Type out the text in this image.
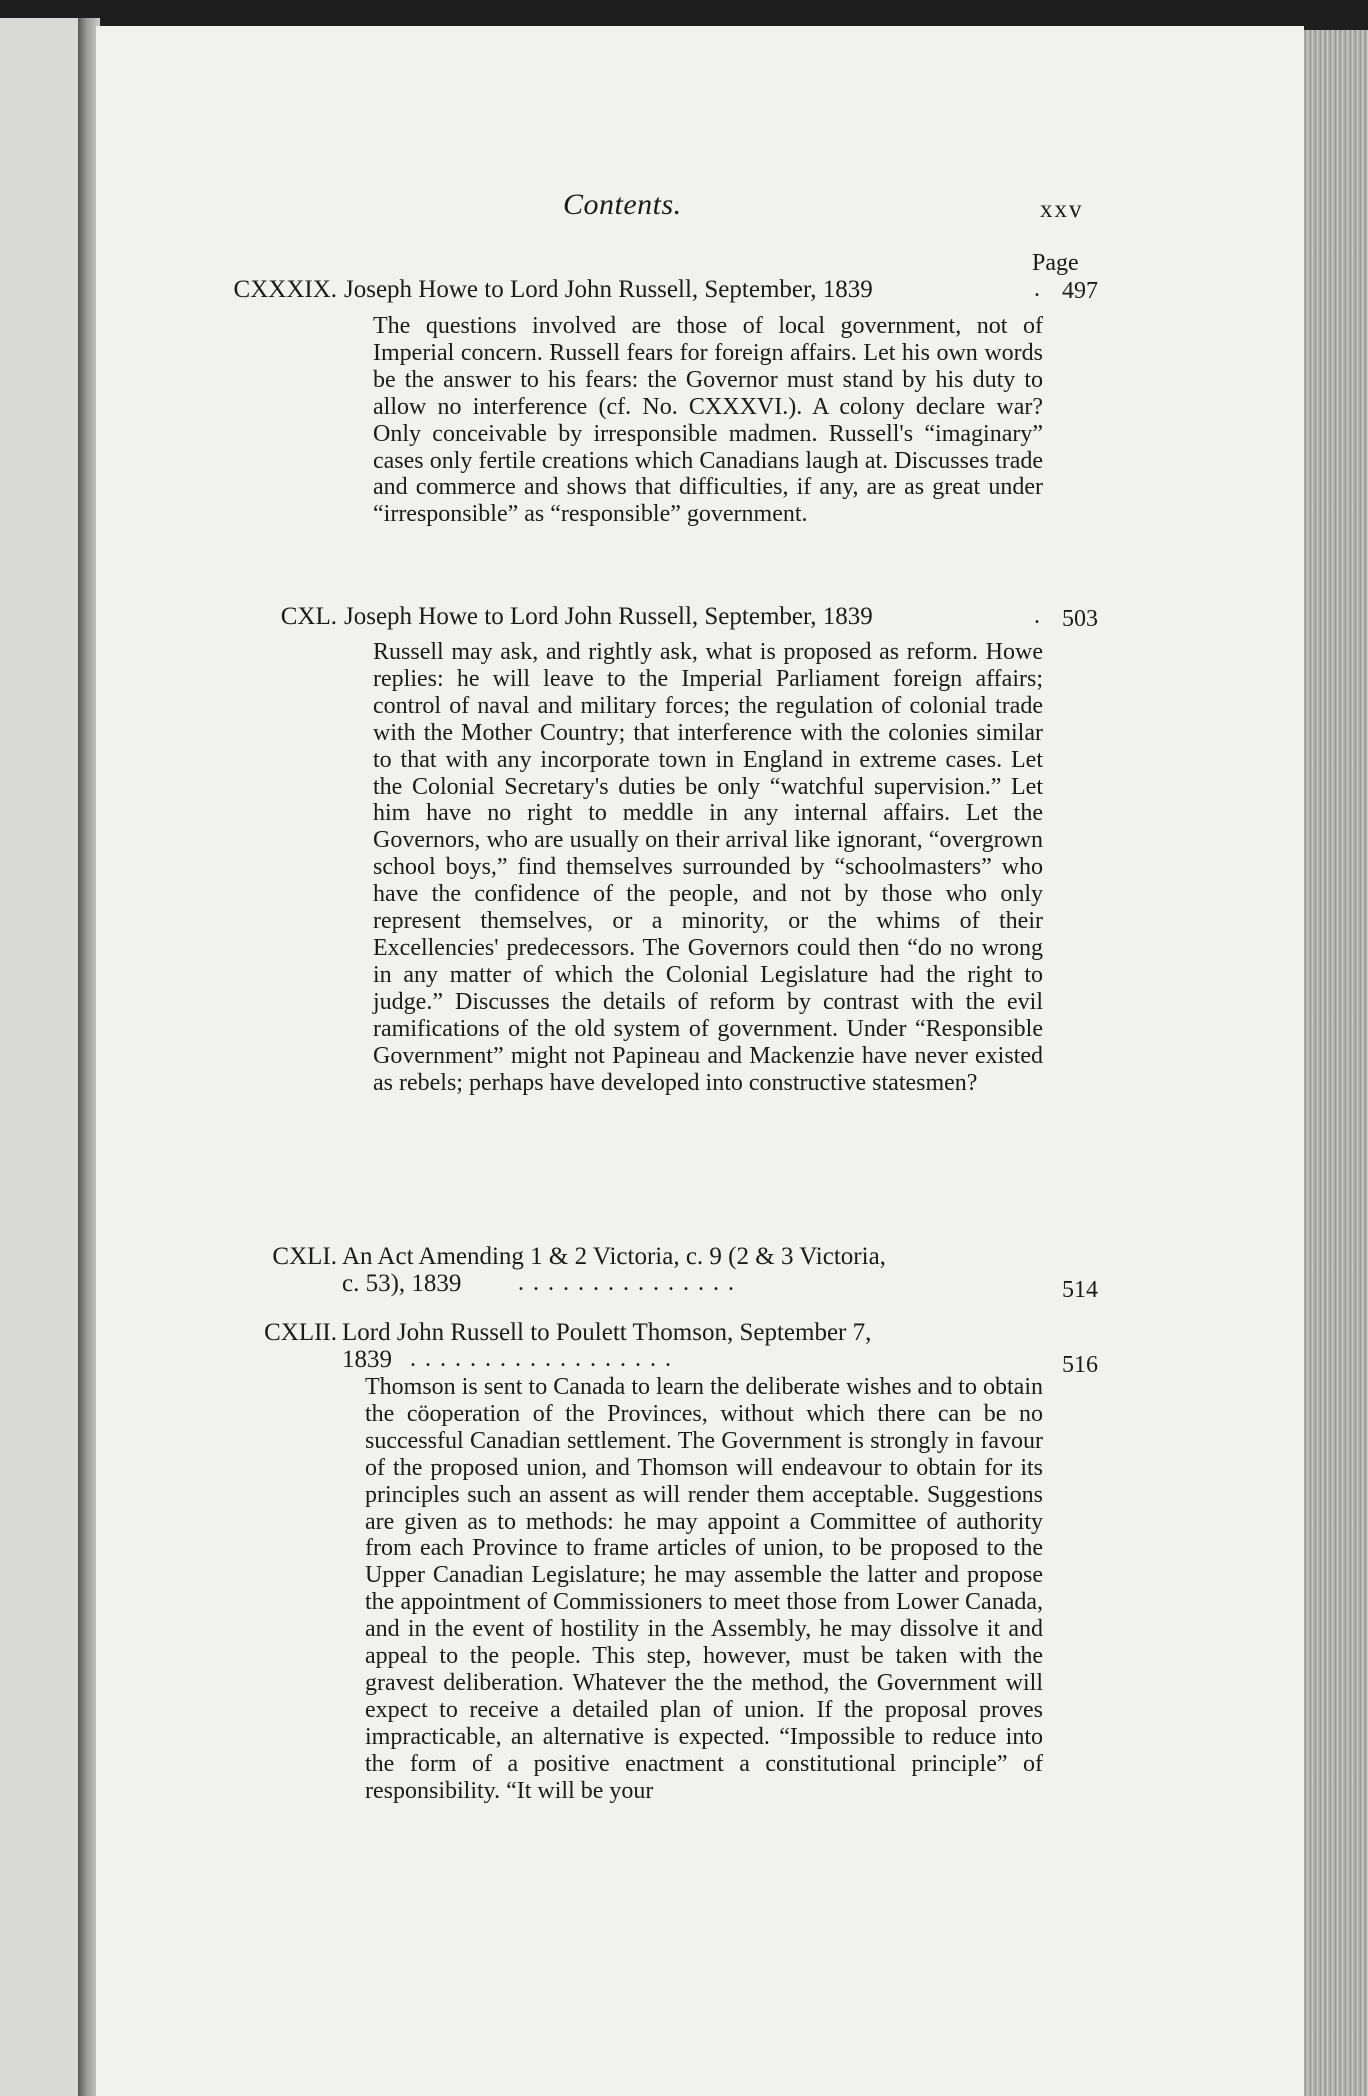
Contents.	xxv
Page
CXXXIX. Joseph Howe to Lord John Russell, September, 1839	. 497
The questions involved are those of local government, not of Imperial concern. Russell fears for foreign affairs. Let his own words be the answer to his fears: the Governor must stand by his duty to allow no interference (cf. No. CXXXVI.). A colony declare war? Only conceivable by irresponsible madmen. Russell's “imaginary” cases only fertile creations which Canadians laugh at. Discusses trade and commerce and shows that difficulties, if any, are as great under “irresponsible” as “responsible” government.
CXL. Joseph Howe to Lord John Russell, September, 1839	. 503
Russell may ask, and rightly ask, what is proposed as reform. Howe replies: he will leave to the Imperial Parliament foreign affairs; control of naval and military forces; the regulation of colonial trade with the Mother Country; that interference with the colonies similar to that with any incorporate town in England in extreme cases. Let the Colonial Secretary's duties be only “watchful supervision.” Let him have no right to meddle in any internal affairs. Let the Governors, who are usually on their arrival like ignorant, “overgrown school boys,” find themselves surrounded by “schoolmasters” who have the confidence of the people, and not by those who only represent themselves, or a minority, or the whims of their Excellencies' predecessors. The Governors could then “do no wrong in any matter of which the Colonial Legislature had the right to judge.” Discusses the details of reform by contrast with the evil ramifications of the old system of government. Under “Responsible Government” might not Papineau and Mackenzie have never existed as rebels; perhaps have developed into constructive statesmen?
CXLI. An Act Amending 1 & 2 Victoria, c. 9 (2 & 3 Victoria,
c. 53), 1839 ...............	514
CXLII. Lord John Russell to Poulett Thomson, September 7,
1839 ..................	516
Thomson is sent to Canada to learn the deliberate wishes and to obtain the cöoperation of the Provinces, without which there can be no successful Canadian settlement. The Government is strongly in favour of the proposed union, and Thomson will endeavour to obtain for its principles such an assent as will render them acceptable. Suggestions are given as to methods: he may appoint a Committee of authority from each Province to frame articles of union, to be proposed to the Upper Canadian Legislature; he may assemble the latter and propose the appointment of Commissioners to meet those from Lower Canada, and in the event of hostility in the Assembly, he may dissolve it and appeal to the people. This step, however, must be taken with the gravest deliberation. Whatever the the method, the Government will expect to receive a detailed plan of union. If the proposal proves impracticable, an alternative is expected. “Impossible to reduce into the form of a positive enactment a constitutional principle” of responsibility. “It will be your
